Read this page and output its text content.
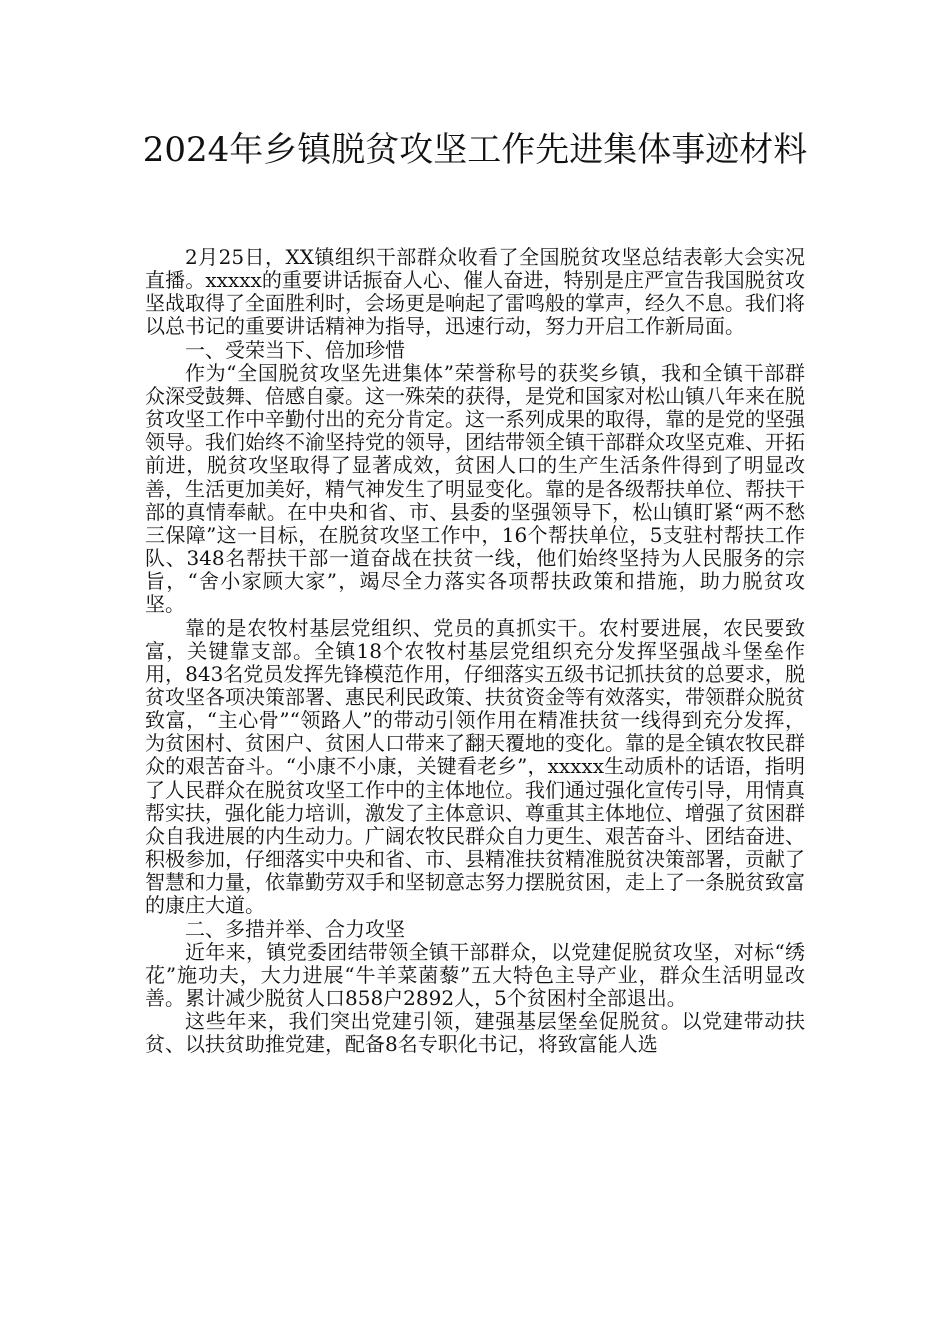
2024年乡镇脱贫攻坚工作先进集体事迹材料

2月25日，XX镇组织干部群众收看了全国脱贫攻坚总结表彰大会实况直播。xxxxx的重要讲话振奋人心、催人奋进，特别是庄严宣告我国脱贫攻坚战取得了全面胜利时，会场更是响起了雷鸣般的掌声，经久不息。我们将以总书记的重要讲话精神为指导，迅速行动，努力开启工作新局面。

一、受荣当下、倍加珍惜

作为“全国脱贫攻坚先进集体”荣誉称号的获奖乡镇，我和全镇干部群众深受鼓舞、倍感自豪。这一殊荣的获得，是党和国家对松山镇八年来在脱贫攻坚工作中辛勤付出的充分肯定。这一系列成果的取得，靠的是党的坚强领导。我们始终不渝坚持党的领导，团结带领全镇干部群众攻坚克难、开拓前进，脱贫攻坚取得了显著成效，贫困人口的生产生活条件得到了明显改善，生活更加美好，精气神发生了明显变化。靠的是各级帮扶单位、帮扶干部的真情奉献。在中央和省、市、县委的坚强领导下，松山镇盯紧“两不愁三保障”这一目标，在脱贫攻坚工作中，16个帮扶单位，5支驻村帮扶工作队、348名帮扶干部一道奋战在扶贫一线，他们始终坚持为人民服务的宗旨，“舍小家顾大家”，竭尽全力落实各项帮扶政策和措施，助力脱贫攻坚。

靠的是农牧村基层党组织、党员的真抓实干。农村要进展，农民要致富，关键靠支部。全镇18个农牧村基层党组织充分发挥坚强战斗堡垒作用，843名党员发挥先锋模范作用，仔细落实五级书记抓扶贫的总要求，脱贫攻坚各项决策部署、惠民利民政策、扶贫资金等有效落实，带领群众脱贫致富，“主心骨”“领路人”的带动引领作用在精准扶贫一线得到充分发挥，为贫困村、贫困户、贫困人口带来了翻天覆地的变化。靠的是全镇农牧民群众的艰苦奋斗。“小康不小康，关键看老乡”，xxxxx生动质朴的话语，指明了人民群众在脱贫攻坚工作中的主体地位。我们通过强化宣传引导，用情真帮实扶，强化能力培训，激发了主体意识、尊重其主体地位、增强了贫困群众自我进展的内生动力。广阔农牧民群众自力更生、艰苦奋斗、团结奋进、积极参加，仔细落实中央和省、市、县精准扶贫精准脱贫决策部署，贡献了智慧和力量，依靠勤劳双手和坚韧意志努力摆脱贫困，走上了一条脱贫致富的康庄大道。

二、多措并举、合力攻坚

近年来，镇党委团结带领全镇干部群众，以党建促脱贫攻坚，对标“绣花”施功夫，大力进展“牛羊菜菌藜”五大特色主导产业，群众生活明显改善。累计减少脱贫人口858户2892人，5个贫困村全部退出。

这些年来，我们突出党建引领，建强基层堡垒促脱贫。以党建带动扶贫、以扶贫助推党建，配备8名专职化书记，将致富能人选
